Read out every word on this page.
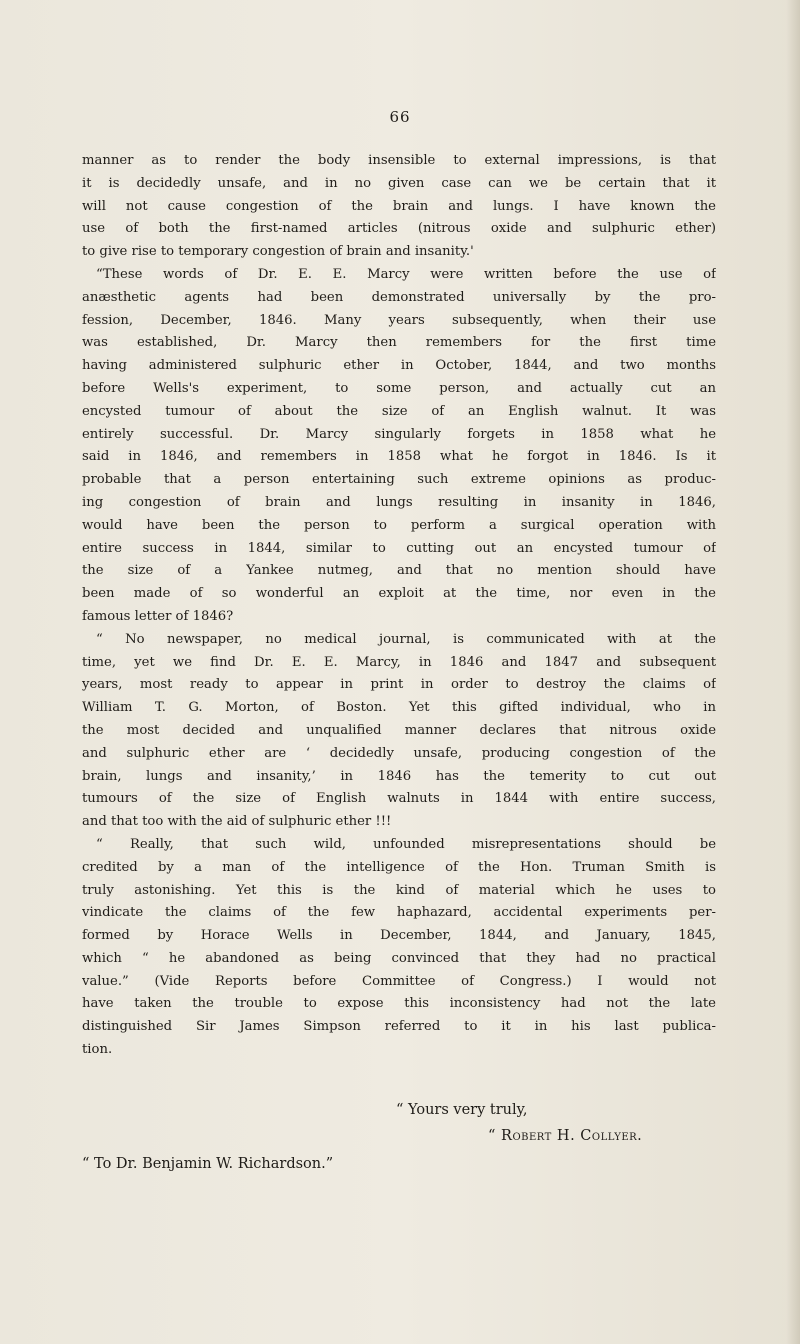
66
manner as to render the body insensible to external impressions, is that
it is decidedly unsafe, and in no given case can we be certain that it
will not cause congestion of the brain and lungs. I have known the
use of both the first-named articles (nitrous oxide and sulphuric ether)
to give rise to temporary congestion of brain and insanity.'
“These words of Dr. E. E. Marcy were written before the use of
anæsthetic agents had been demonstrated universally by the pro-
fession, December, 1846. Many years subsequently, when their use
was established, Dr. Marcy then remembers for the first time
having administered sulphuric ether in October, 1844, and two months
before Wells's experiment, to some person, and actually cut an
encysted tumour of about the size of an English walnut. It was
entirely successful. Dr. Marcy singularly forgets in 1858 what he
said in 1846, and remembers in 1858 what he forgot in 1846. Is it
probable that a person entertaining such extreme opinions as produc-
ing congestion of brain and lungs resulting in insanity in 1846,
would have been the person to perform a surgical operation with
entire success in 1844, similar to cutting out an encysted tumour of
the size of a Yankee nutmeg, and that no mention should have
been made of so wonderful an exploit at the time, nor even in the
famous letter of 1846?
“ No newspaper, no medical journal, is communicated with at the
time, yet we find Dr. E. E. Marcy, in 1846 and 1847 and subsequent
years, most ready to appear in print in order to destroy the claims of
William T. G. Morton, of Boston. Yet this gifted individual, who in
the most decided and unqualified manner declares that nitrous oxide
and sulphuric ether are ‘ decidedly unsafe, producing congestion of the
brain, lungs and insanity,’ in 1846 has the temerity to cut out
tumours of the size of English walnuts in 1844 with entire success,
and that too with the aid of sulphuric ether !!!
“ Really, that such wild, unfounded misrepresentations should be
credited by a man of the intelligence of the Hon. Truman Smith is
truly astonishing. Yet this is the kind of material which he uses to
vindicate the claims of the few haphazard, accidental experiments per-
formed by Horace Wells in December, 1844, and January, 1845,
which “ he abandoned as being convinced that they had no practical
value.” (Vide Reports before Committee of Congress.) I would not
have taken the trouble to expose this inconsistency had not the late
distinguished Sir James Simpson referred to it in his last publica-
tion.
“ Yours very truly,
“ Robert H. Collyer.
“ To Dr. Benjamin W. Richardson.”
